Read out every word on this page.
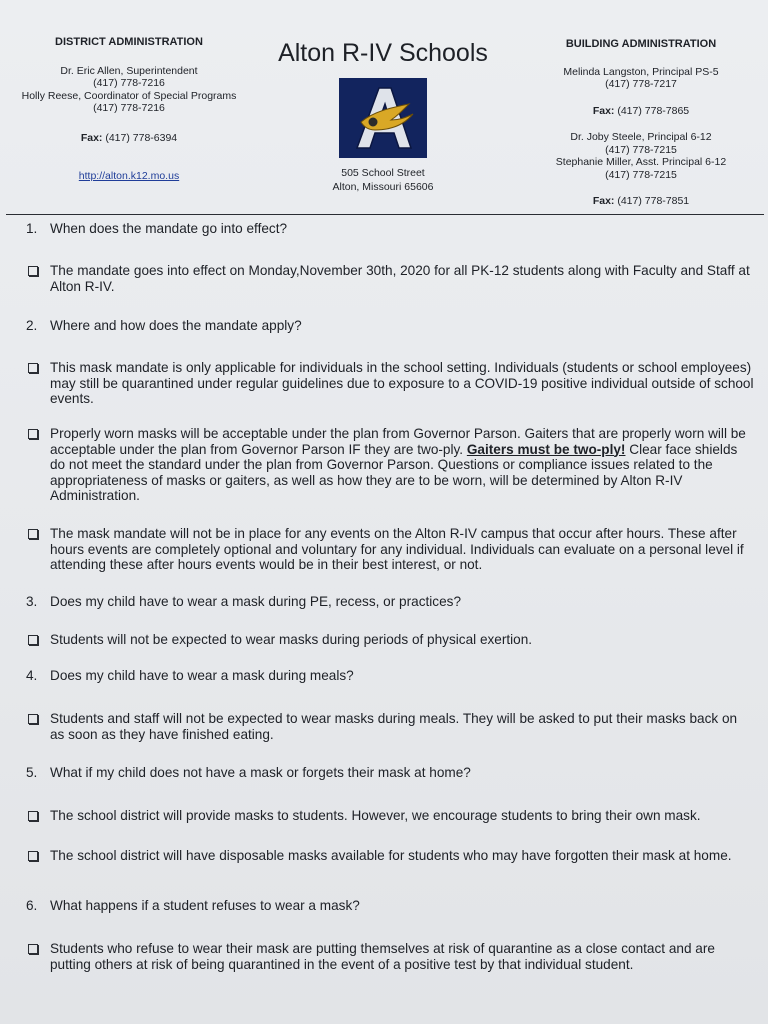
DISTRICT ADMINISTRATION
Dr. Eric Allen, Superintendent
(417) 778-7216
Holly Reese, Coordinator of Special Programs
(417) 778-7216
Fax: (417) 778-6394
http://alton.k12.mo.us
Alton R-IV Schools
505 School Street
Alton, Missouri 65606
BUILDING ADMINISTRATION
Melinda Langston, Principal PS-5
(417) 778-7217
Fax: (417) 778-7865
Dr. Joby Steele, Principal 6-12
(417) 778-7215
Stephanie Miller, Asst. Principal 6-12
(417) 778-7215
Fax: (417) 778-7851
1. When does the mandate go into effect?
The mandate goes into effect on Monday,November 30th, 2020 for all PK-12 students along with Faculty and Staff at Alton R-IV.
2. Where and how does the mandate apply?
This mask mandate is only applicable for individuals in the school setting. Individuals (students or school employees) may still be quarantined under regular guidelines due to exposure to a COVID-19 positive individual outside of school events.
Properly worn masks will be acceptable under the plan from Governor Parson. Gaiters that are properly worn will be acceptable under the plan from Governor Parson IF they are two-ply. Gaiters must be two-ply! Clear face shields do not meet the standard under the plan from Governor Parson. Questions or compliance issues related to the appropriateness of masks or gaiters, as well as how they are to be worn, will be determined by Alton R-IV Administration.
The mask mandate will not be in place for any events on the Alton R-IV campus that occur after hours. These after hours events are completely optional and voluntary for any individual. Individuals can evaluate on a personal level if attending these after hours events would be in their best interest, or not.
3. Does my child have to wear a mask during PE, recess, or practices?
Students will not be expected to wear masks during periods of physical exertion.
4. Does my child have to wear a mask during meals?
Students and staff will not be expected to wear masks during meals. They will be asked to put their masks back on as soon as they have finished eating.
5. What if my child does not have a mask or forgets their mask at home?
The school district will provide masks to students. However, we encourage students to bring their own mask.
The school district will have disposable masks available for students who may have forgotten their mask at home.
6. What happens if a student refuses to wear a mask?
Students who refuse to wear their mask are putting themselves at risk of quarantine as a close contact and are putting others at risk of being quarantined in the event of a positive test by that individual student.
